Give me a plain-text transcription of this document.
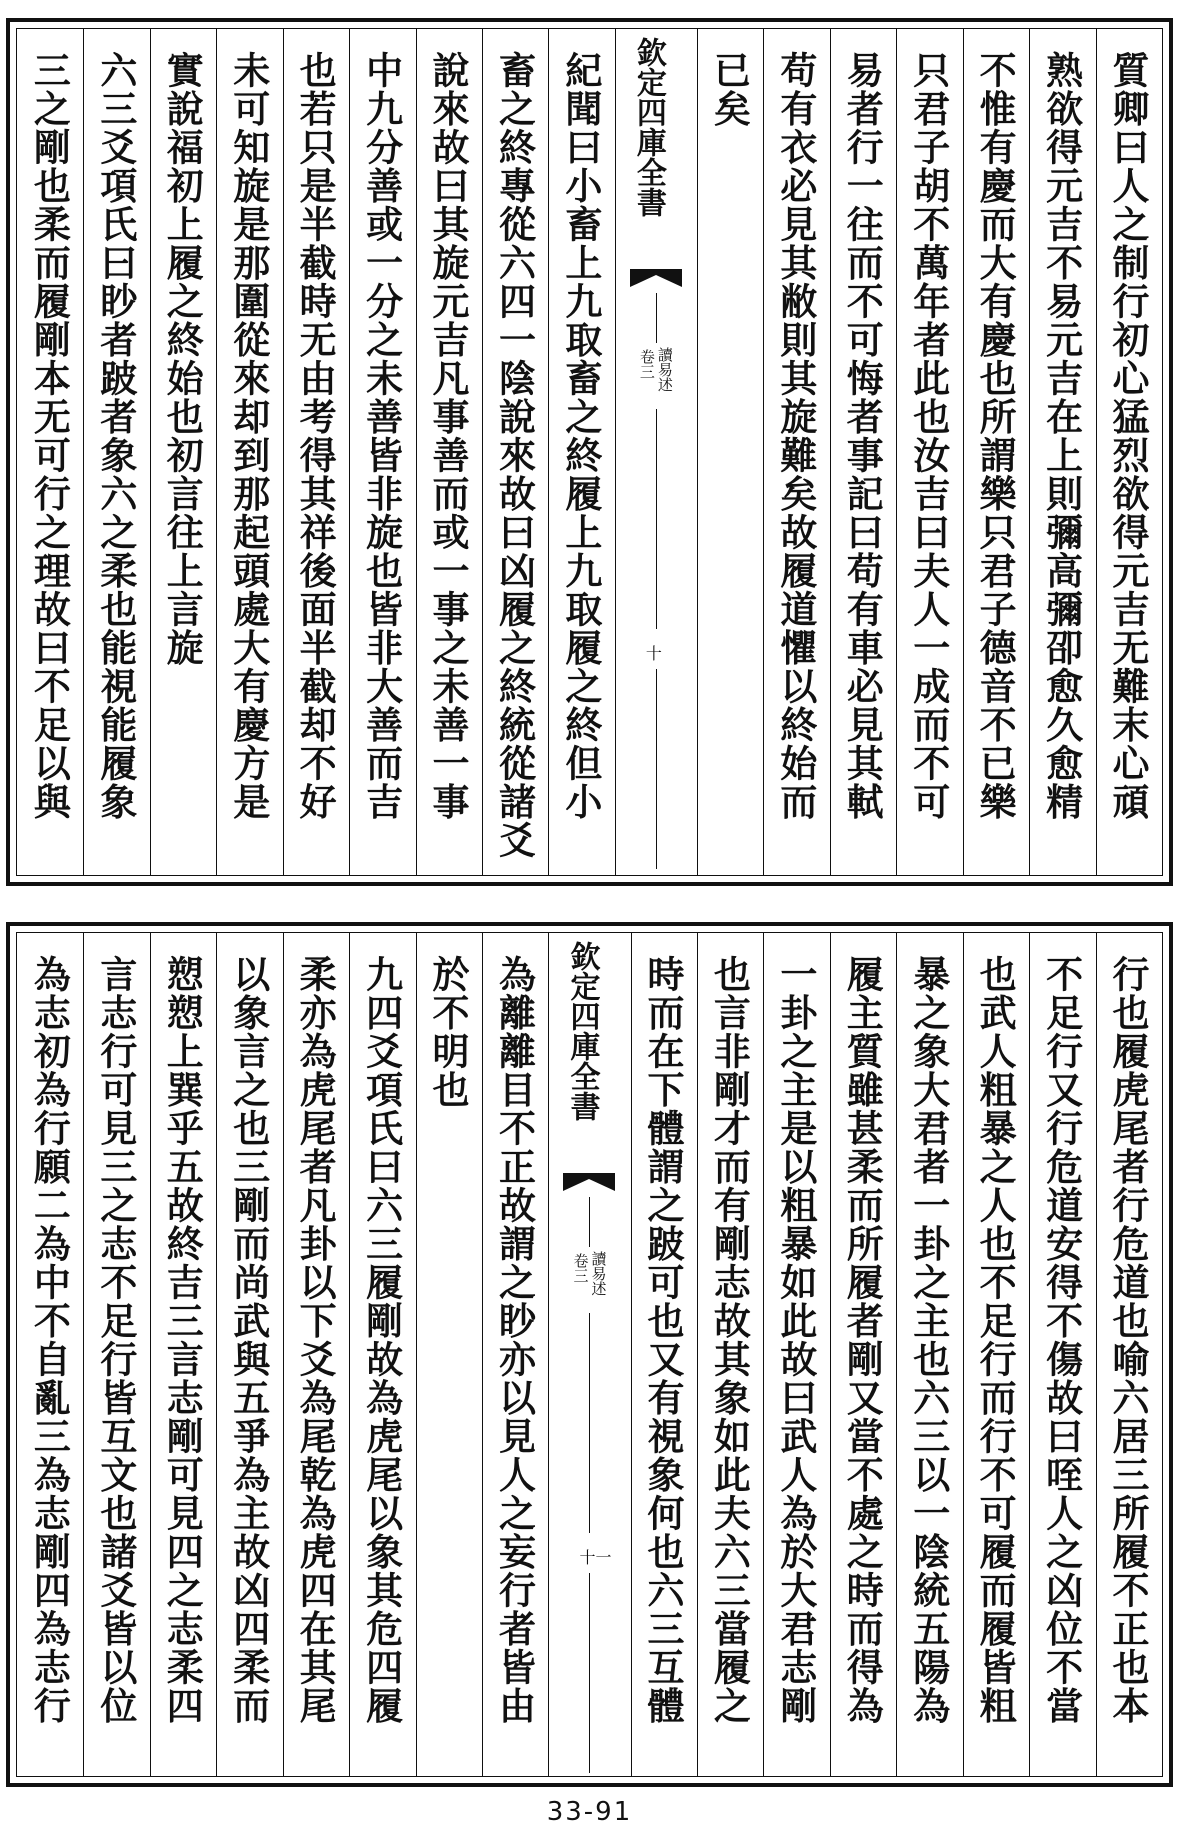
質卿曰人之制行初心猛烈欲得元吉无難末心頑
熟欲得元吉不易元吉在上則彌高彌卲愈久愈精
不惟有慶而大有慶也所謂樂只君子德音不已樂
只君子胡不萬年者此也汝吉曰夫人一成而不可
易者行一往而不可悔者事記曰苟有車必見其軾
苟有衣必見其敝則其旋難矣故履道懼以終始而
已矣
欽定四庫全書
讀易述
卷三
十
紀聞曰小畜上九取畜之終履上九取履之終但小
畜之終專從六四一陰說來故曰凶履之終統從諸爻
說來故曰其旋元吉凡事善而或一事之未善一事
中九分善或一分之未善皆非旋也皆非大善而吉
也若只是半截時无由考得其祥後面半截却不好
未可知旋是那圍從來却到那起頭處大有慶方是
實說福初上履之終始也初言往上言旋
六三爻項氏曰眇者跛者象六之柔也能視能履象
三之剛也柔而履剛本无可行之理故曰不足以與
行也履虎尾者行危道也喻六居三所履不正也本
不足行又行危道安得不傷故曰咥人之凶位不當
也武人粗暴之人也不足行而行不可履而履皆粗
暴之象大君者一卦之主也六三以一陰統五陽為
履主質雖甚柔而所履者剛又當不處之時而得為
一卦之主是以粗暴如此故曰武人為於大君志剛
也言非剛才而有剛志故其象如此夫六三當履之
時而在下體謂之跛可也又有視象何也六三互體
欽定四庫全書
讀易述
卷三
十一
為離離目不正故謂之眇亦以見人之妄行者皆由
於不明也
九四爻項氏曰六三履剛故為虎尾以象其危四履
柔亦為虎尾者凡卦以下爻為尾乾為虎四在其尾
以象言之也三剛而尚武與五爭為主故凶四柔而
愬愬上巽乎五故終吉三言志剛可見四之志柔四
言志行可見三之志不足行皆互文也諸爻皆以位
為志初為行願二為中不自亂三為志剛四為志行
33-91
